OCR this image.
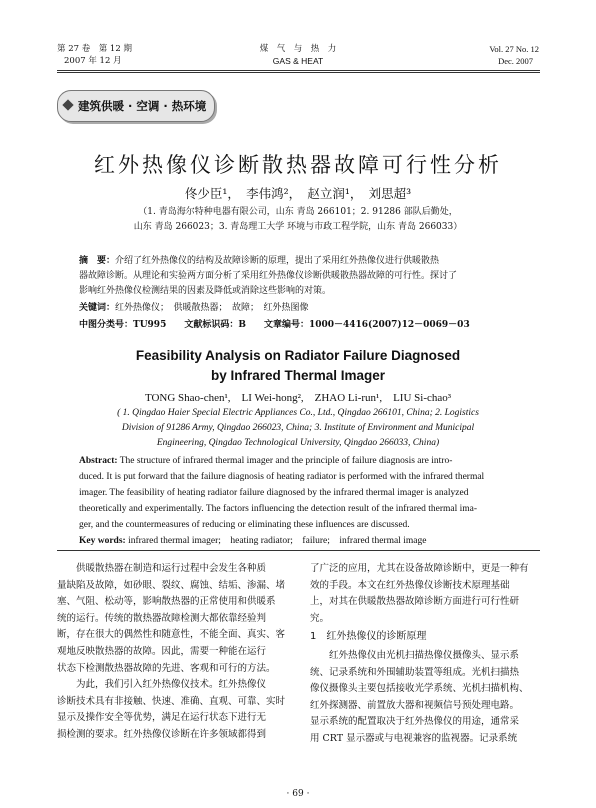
第 27 卷　第 12 期
2007 年 12 月
煤　气　与　热　力
GAS & HEAT
Vol. 27 No. 12
Dec. 2007
建筑供暖 · 空调 · 热环境
红外热像仪诊断散热器故障可行性分析
佟少臣¹，　李伟鸿²，　赵立润¹，　刘思超³
（1. 青岛海尔特种电器有限公司，山东 青岛 266101；2. 91286 部队后勤处，
山东 青岛 266023；3. 青岛理工大学 环境与市政工程学院，山东 青岛 266033）
摘　要：介绍了红外热像仪的结构及故障诊断的原理，提出了采用红外热像仪进行供暖散热
器故障诊断。从理论和实验两方面分析了采用红外热像仪诊断供暖散热器故障的可行性。探讨了
影响红外热像仪检测结果的因素及降低或消除这些影响的对策。
关键词：红外热像仪；　供暖散热器；　故障；　红外热图像
中图分类号：TU995　　文献标识码：B　　文章编号：1000－4416(2007)12－0069－03
Feasibility Analysis on Radiator Failure Diagnosed
by Infrared Thermal Imager
TONG Shao-chen¹,　LI Wei-hong²,　ZHAO Li-run¹,　LIU Si-chao³
( 1. Qingdao Haier Special Electric Appliances Co., Ltd., Qingdao 266101, China; 2. Logistics
Division of 91286 Army, Qingdao 266023, China; 3. Institute of Environment and Municipal
Engineering, Qingdao Technological University, Qingdao 266033, China)
Abstract: The structure of infrared thermal imager and the principle of failure diagnosis are intro-
duced. It is put forward that the failure diagnosis of heating radiator is performed with the infrared thermal
imager. The feasibility of heating radiator failure diagnosed by the infrared thermal imager is analyzed
theoretically and experimentally. The factors influencing the detection result of the infrared thermal ima-
ger, and the countermeasures of reducing or eliminating these influences are discussed.
Key words: infrared thermal imager;　heating radiator;　failure;　infrared thermal image
供暖散热器在制造和运行过程中会发生各种质
量缺陷及故障，如砂眼、裂纹、腐蚀、结垢、渗漏、堵
塞、气阻、松动等，影响散热器的正常使用和供暖系
统的运行。传统的散热器故障检测大都依靠经验判
断，存在很大的偶然性和随意性，不能全面、真实、客
观地反映散热器的故障。因此，需要一种能在运行
状态下检测散热器故障的先进、客观和可行的方法。
为此，我们引入红外热像仪技术。红外热像仪
诊断技术具有非接触、快速、准确、直观、可靠、实时
显示及操作安全等优势，满足在运行状态下进行无
损检测的要求。红外热像仪诊断在许多领域都得到
了广泛的应用，尤其在设备故障诊断中，更是一种有
效的手段。本文在红外热像仪诊断技术原理基础
上，对其在供暖散热器故障诊断方面进行可行性研
究。
1　红外热像仪的诊断原理
红外热像仪由光机扫描热像仪摄像头、显示系
统、记录系统和外围辅助装置等组成。光机扫描热
像仪摄像头主要包括接收光学系统、光机扫描机构、
红外探测器、前置放大器和视频信号预处理电路。
显示系统的配置取决于红外热像仪的用途，通常采
用 CRT 显示器或与电视兼容的监视器。记录系统
· 69 ·
